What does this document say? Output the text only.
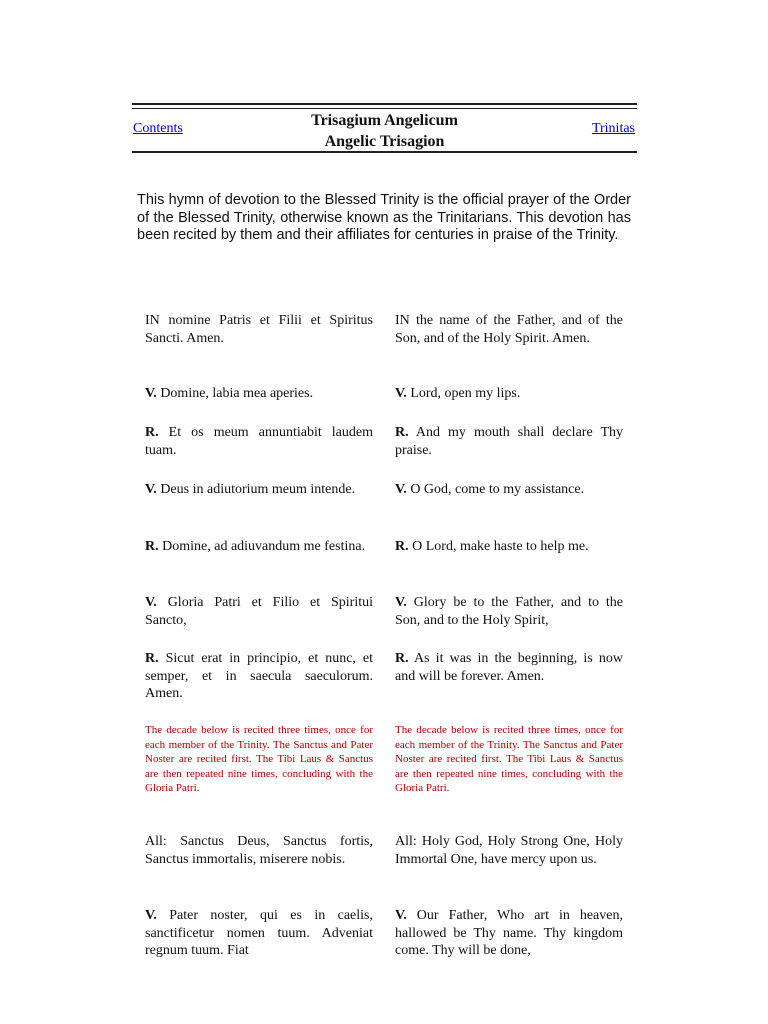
Contents	Trisagium Angelicum
Angelic Trisagion
Trinitas
This hymn of devotion to the Blessed Trinity is the official prayer of the Order of the Blessed Trinity, otherwise known as the Trinitarians. This devotion has been recited by them and their affiliates for centuries in praise of the Trinity.
IN nomine Patris et Filii et Spiritus Sancti. Amen.
V. Domine, labia mea aperies.
R. Et os meum annuntiabit laudem tuam.
V. Deus in adiutorium meum intende.
R. Domine, ad adiuvandum me festina.
V. Gloria Patri et Filio et Spiritui Sancto,
R. Sicut erat in principio, et nunc, et semper, et in saecula saeculorum. Amen.
The decade below is recited three times, once for each member of the Trinity. The Sanctus and Pater Noster are recited first. The Tibi Laus & Sanctus are then repeated nine times, concluding with the Gloria Patri.
All: Sanctus Deus, Sanctus fortis, Sanctus immortalis, miserere nobis.
V. Pater noster, qui es in caelis, sanctificetur nomen tuum. Adveniat regnum tuum. Fiat
IN the name of the Father, and of the Son, and of the Holy Spirit. Amen.
V. Lord, open my lips.
R. And my mouth shall declare Thy praise.
V. O God, come to my assistance.
R. O Lord, make haste to help me.
V. Glory be to the Father, and to the Son, and to the Holy Spirit,
R. As it was in the beginning, is now and will be forever. Amen.
The decade below is recited three times, once for each member of the Trinity. The Sanctus and Pater Noster are recited first. The Tibi Laus & Sanctus are then repeated nine times, concluding with the Gloria Patri.
All: Holy God, Holy Strong One, Holy Immortal One, have mercy upon us.
V. Our Father, Who art in heaven, hallowed be Thy name. Thy kingdom come. Thy will be done,
